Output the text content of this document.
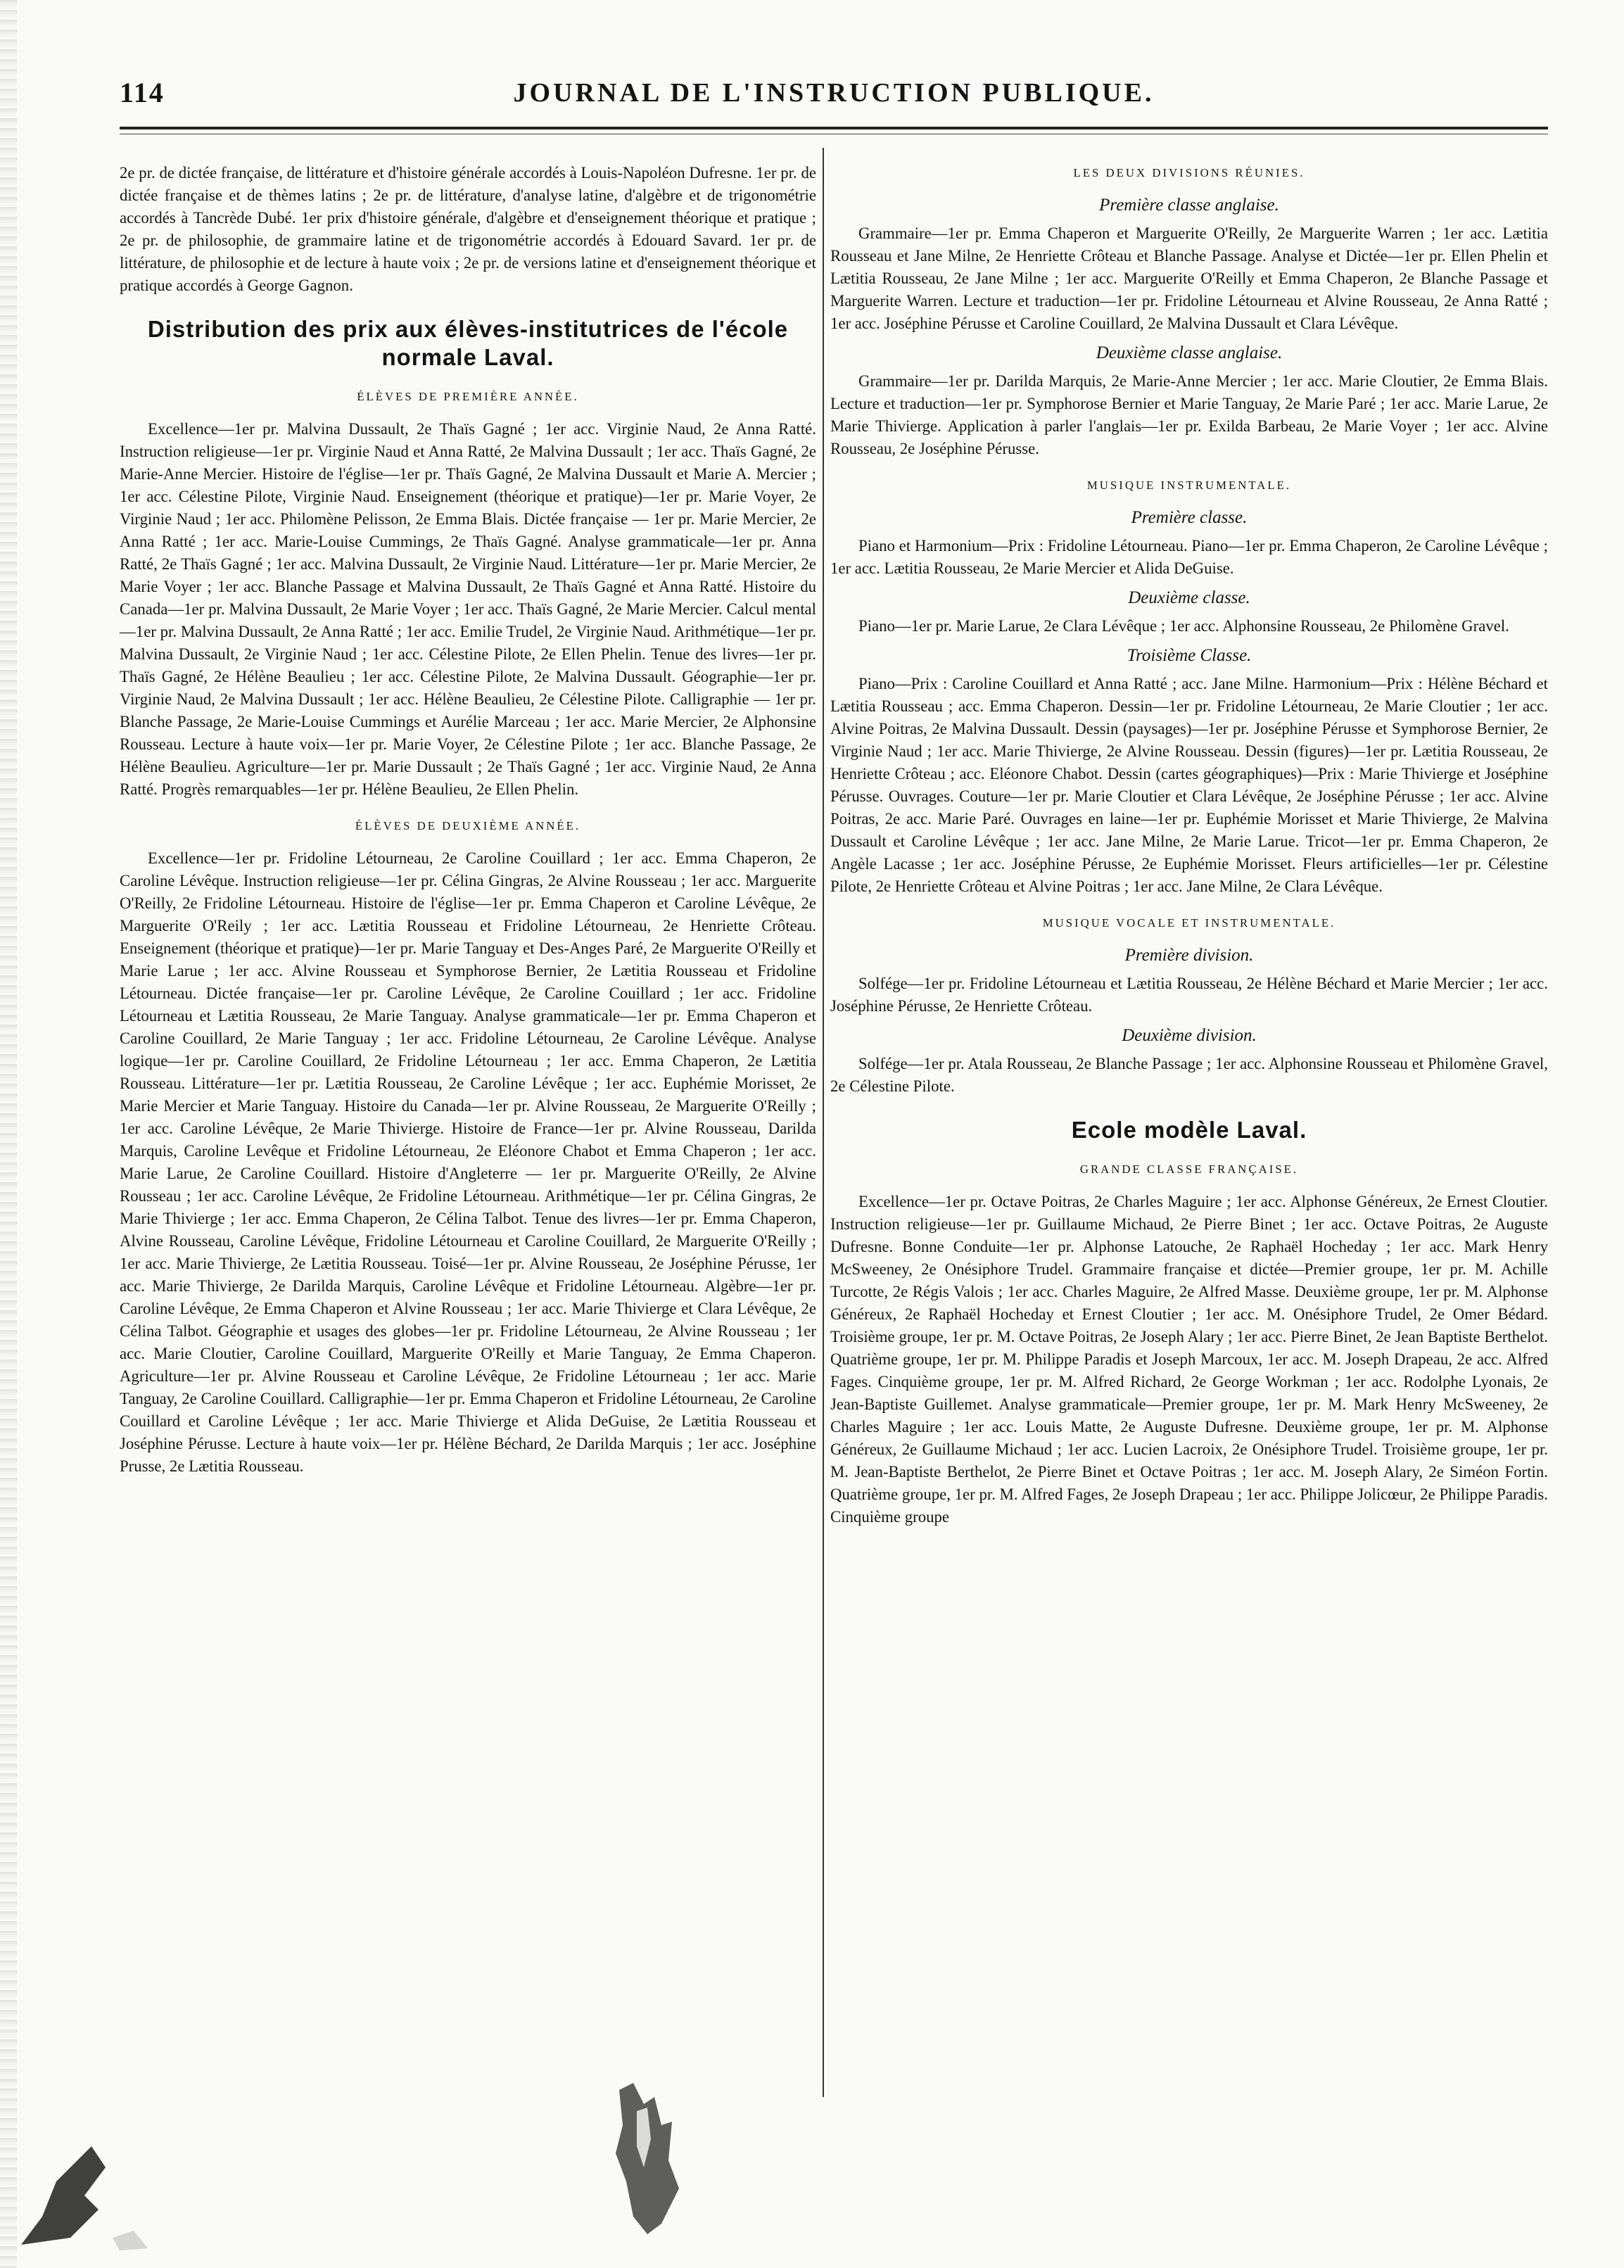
114	JOURNAL DE L'INSTRUCTION PUBLIQUE.

2e pr. de dictée française, de littérature et d'histoire générale accordés à Louis-Napoléon Dufresne. 1er pr. de dictée française et de thèmes latins ; 2e pr. de littérature, d'analyse latine, d'algèbre et de trigonométrie accordés à Tancrède Dubé. 1er prix d'histoire générale, d'algèbre et d'enseignement théorique et pratique ; 2e pr. de philosophie, de grammaire latine et de trigonométrie accordés à Edouard Savard. 1er pr. de littérature, de philosophie et de lecture à haute voix ; 2e pr. de versions latine et d'enseignement théorique et pratique accordés à George Gagnon.

Distribution des prix aux élèves-institutrices de l'école normale Laval.
ÉLÈVES DE PREMIÈRE ANNÉE.

Excellence—1er pr. Malvina Dussault, 2e Thaïs Gagné ; 1er acc. Virginie Naud, 2e Anna Ratté. Instruction religieuse—1er pr. Virginie Naud et Anna Ratté, 2e Malvina Dussault ; 1er acc. Thaïs Gagné, 2e Marie-Anne Mercier. Histoire de l'église—1er pr. Thaïs Gagné, 2e Malvina Dussault et Marie A. Mercier ; 1er acc. Célestine Pilote, Virginie Naud. Enseignement (théorique et pratique)—1er pr. Marie Voyer, 2e Virginie Naud ; 1er acc. Philomène Pelisson, 2e Emma Blais. Dictée française — 1er pr. Marie Mercier, 2e Anna Ratté ; 1er acc. Marie-Louise Cummings, 2e Thaïs Gagné. Analyse grammaticale—1er pr. Anna Ratté, 2e Thaïs Gagné ; 1er acc. Malvina Dussault, 2e Virginie Naud. Littérature—1er pr. Marie Mercier, 2e Marie Voyer ; 1er acc. Blanche Passage et Malvina Dussault, 2e Thaïs Gagné et Anna Ratté. Histoire du Canada—1er pr. Malvina Dussault, 2e Marie Voyer ; 1er acc. Thaïs Gagné, 2e Marie Mercier. Calcul mental—1er pr. Malvina Dussault, 2e Anna Ratté ; 1er acc. Emilie Trudel, 2e Virginie Naud. Arithmétique—1er pr. Malvina Dussault, 2e Virginie Naud ; 1er acc. Célestine Pilote, 2e Ellen Phelin. Tenue des livres—1er pr. Thaïs Gagné, 2e Hélène Beaulieu ; 1er acc. Célestine Pilote, 2e Malvina Dussault. Géographie—1er pr. Virginie Naud, 2e Malvina Dussault ; 1er acc. Hélène Beaulieu, 2e Célestine Pilote. Calligraphie — 1er pr. Blanche Passage, 2e Marie-Louise Cummings et Aurélie Marceau ; 1er acc. Marie Mercier, 2e Alphonsine Rousseau. Lecture à haute voix—1er pr. Marie Voyer, 2e Célestine Pilote ; 1er acc. Blanche Passage, 2e Hélène Beaulieu. Agriculture—1er pr. Marie Dussault ; 2e Thaïs Gagné ; 1er acc. Virginie Naud, 2e Anna Ratté. Progrès remarquables—1er pr. Hélène Beaulieu, 2e Ellen Phelin.

ÉLÈVES DE DEUXIÈME ANNÉE.

Excellence—1er pr. Fridoline Létourneau, 2e Caroline Couillard ; 1er acc. Emma Chaperon, 2e Caroline Lévêque. Instruction religieuse—1er pr. Célina Gingras, 2e Alvine Rousseau ; 1er acc. Marguerite O'Reilly, 2e Fridoline Létourneau. Histoire de l'église—1er pr. Emma Chaperon et Caroline Lévêque, 2e Marguerite O'Reily ; 1er acc. Lætitia Rousseau et Fridoline Létourneau, 2e Henriette Crôteau. Enseignement (théorique et pratique)—1er pr. Marie Tanguay et Des-Anges Paré, 2e Marguerite O'Reilly et Marie Larue ; 1er acc. Alvine Rousseau et Symphorose Bernier, 2e Lætitia Rousseau et Fridoline Létourneau. Dictée française—1er pr. Caroline Lévêque, 2e Caroline Couillard ; 1er acc. Fridoline Létourneau et Lætitia Rousseau, 2e Marie Tanguay. Analyse grammaticale—1er pr. Emma Chaperon et Caroline Couillard, 2e Marie Tanguay ; 1er acc. Fridoline Létourneau, 2e Caroline Lévêque. Analyse logique—1er pr. Caroline Couillard, 2e Fridoline Létourneau ; 1er acc. Emma Chaperon, 2e Lætitia Rousseau. Littérature—1er pr. Lætitia Rousseau, 2e Caroline Lévêque ; 1er acc. Euphémie Morisset, 2e Marie Mercier et Marie Tanguay. Histoire du Canada—1er pr. Alvine Rousseau, 2e Marguerite O'Reilly ; 1er acc. Caroline Lévêque, 2e Marie Thivierge. Histoire de France—1er pr. Alvine Rousseau, Darilda Marquis, Caroline Levêque et Fridoline Létourneau, 2e Eléonore Chabot et Emma Chaperon ; 1er acc. Marie Larue, 2e Caroline Couillard. Histoire d'Angleterre — 1er pr. Marguerite O'Reilly, 2e Alvine Rousseau ; 1er acc. Caroline Lévêque, 2e Fridoline Létourneau. Arithmétique—1er pr. Célina Gingras, 2e Marie Thivierge ; 1er acc. Emma Chaperon, 2e Célina Talbot. Tenue des livres—1er pr. Emma Chaperon, Alvine Rousseau, Caroline Lévêque, Fridoline Létourneau et Caroline Couillard, 2e Marguerite O'Reilly ; 1er acc. Marie Thivierge, 2e Lætitia Rousseau. Toisé—1er pr. Alvine Rousseau, 2e Joséphine Pérusse, 1er acc. Marie Thivierge, 2e Darilda Marquis, Caroline Lévêque et Fridoline Létourneau. Algèbre—1er pr. Caroline Lévêque, 2e Emma Chaperon et Alvine Rousseau ; 1er acc. Marie Thivierge et Clara Lévêque, 2e Célina Talbot. Géographie et usages des globes—1er pr. Fridoline Létourneau, 2e Alvine Rousseau ; 1er acc. Marie Cloutier, Caroline Couillard, Marguerite O'Reilly et Marie Tanguay, 2e Emma Chaperon. Agriculture—1er pr. Alvine Rousseau et Caroline Lévêque, 2e Fridoline Létourneau ; 1er acc. Marie Tanguay, 2e Caroline Couillard. Calligraphie—1er pr. Emma Chaperon et Fridoline Létourneau, 2e Caroline Couillard et Caroline Lévêque ; 1er acc. Marie Thivierge et Alida DeGuise, 2e Lætitia Rousseau et Joséphine Pérusse. Lecture à haute voix—1er pr. Hélène Béchard, 2e Darilda Marquis ; 1er acc. Joséphine Prusse, 2e Lætitia Rousseau.

LES DEUX DIVISIONS RÉUNIES.
Première classe anglaise.

Grammaire—1er pr. Emma Chaperon et Marguerite O'Reilly, 2e Marguerite Warren ; 1er acc. Lætitia Rousseau et Jane Milne, 2e Henriette Crôteau et Blanche Passage. Analyse et Dictée—1er pr. Ellen Phelin et Lætitia Rousseau, 2e Jane Milne ; 1er acc. Marguerite O'Reilly et Emma Chaperon, 2e Blanche Passage et Marguerite Warren. Lecture et traduction—1er pr. Fridoline Létourneau et Alvine Rousseau, 2e Anna Ratté ; 1er acc. Joséphine Pérusse et Caroline Couillard, 2e Malvina Dussault et Clara Lévêque.

Deuxième classe anglaise.

Grammaire—1er pr. Darilda Marquis, 2e Marie-Anne Mercier ; 1er acc. Marie Cloutier, 2e Emma Blais. Lecture et traduction—1er pr. Symphorose Bernier et Marie Tanguay, 2e Marie Paré ; 1er acc. Marie Larue, 2e Marie Thivierge. Application à parler l'anglais—1er pr. Exilda Barbeau, 2e Marie Voyer ; 1er acc. Alvine Rousseau, 2e Joséphine Pérusse.

MUSIQUE INSTRUMENTALE.
Première classe.

Piano et Harmonium—Prix : Fridoline Létourneau. Piano—1er pr. Emma Chaperon, 2e Caroline Lévêque ; 1er acc. Lætitia Rousseau, 2e Marie Mercier et Alida DeGuise.

Deuxième classe.

Piano—1er pr. Marie Larue, 2e Clara Lévêque ; 1er acc. Alphonsine Rousseau, 2e Philomène Gravel.

Troisième Classe.

Piano—Prix : Caroline Couillard et Anna Ratté ; acc. Jane Milne. Harmonium—Prix : Hélène Béchard et Lætitia Rousseau ; acc. Emma Chaperon. Dessin—1er pr. Fridoline Létourneau, 2e Marie Cloutier ; 1er acc. Alvine Poitras, 2e Malvina Dussault. Dessin (paysages)—1er pr. Joséphine Pérusse et Symphorose Bernier, 2e Virginie Naud ; 1er acc. Marie Thivierge, 2e Alvine Rousseau. Dessin (figures)—1er pr. Lætitia Rousseau, 2e Henriette Crôteau ; acc. Eléonore Chabot. Dessin (cartes géographiques)—Prix : Marie Thivierge et Joséphine Pérusse. Ouvrages. Couture—1er pr. Marie Cloutier et Clara Lévêque, 2e Joséphine Pérusse ; 1er acc. Alvine Poitras, 2e acc. Marie Paré. Ouvrages en laine—1er pr. Euphémie Morisset et Marie Thivierge, 2e Malvina Dussault et Caroline Lévêque ; 1er acc. Jane Milne, 2e Marie Larue. Tricot—1er pr. Emma Chaperon, 2e Angèle Lacasse ; 1er acc. Joséphine Pérusse, 2e Euphémie Morisset. Fleurs artificielles—1er pr. Célestine Pilote, 2e Henriette Crôteau et Alvine Poitras ; 1er acc. Jane Milne, 2e Clara Lévêque.

MUSIQUE VOCALE ET INSTRUMENTALE.
Première division.

Solfége—1er pr. Fridoline Létourneau et Lætitia Rousseau, 2e Hélène Béchard et Marie Mercier ; 1er acc. Joséphine Pérusse, 2e Henriette Crôteau.

Deuxième division.

Solfége—1er pr. Atala Rousseau, 2e Blanche Passage ; 1er acc. Alphonsine Rousseau et Philomène Gravel, 2e Célestine Pilote.

Ecole modèle Laval.
GRANDE CLASSE FRANÇAISE.

Excellence—1er pr. Octave Poitras, 2e Charles Maguire ; 1er acc. Alphonse Généreux, 2e Ernest Cloutier. Instruction religieuse—1er pr. Guillaume Michaud, 2e Pierre Binet ; 1er acc. Octave Poitras, 2e Auguste Dufresne. Bonne Conduite—1er pr. Alphonse Latouche, 2e Raphaël Hocheday ; 1er acc. Mark Henry McSweeney, 2e Onésiphore Trudel. Grammaire française et dictée—Premier groupe, 1er pr. M. Achille Turcotte, 2e Régis Valois ; 1er acc. Charles Maguire, 2e Alfred Masse. Deuxième groupe, 1er pr. M. Alphonse Généreux, 2e Raphaël Hocheday et Ernest Cloutier ; 1er acc. M. Onésiphore Trudel, 2e Omer Bédard. Troisième groupe, 1er pr. M. Octave Poitras, 2e Joseph Alary ; 1er acc. Pierre Binet, 2e Jean Baptiste Berthelot. Quatrième groupe, 1er pr. M. Philippe Paradis et Joseph Marcoux, 1er acc. M. Joseph Drapeau, 2e acc. Alfred Fages. Cinquième groupe, 1er pr. M. Alfred Richard, 2e George Workman ; 1er acc. Rodolphe Lyonais, 2e Jean-Baptiste Guillemet. Analyse grammaticale—Premier groupe, 1er pr. M. Mark Henry McSweeney, 2e Charles Maguire ; 1er acc. Louis Matte, 2e Auguste Dufresne. Deuxième groupe, 1er pr. M. Alphonse Généreux, 2e Guillaume Michaud ; 1er acc. Lucien Lacroix, 2e Onésiphore Trudel. Troisième groupe, 1er pr. M. Jean-Baptiste Berthelot, 2e Pierre Binet et Octave Poitras ; 1er acc. M. Joseph Alary, 2e Siméon Fortin. Quatrième groupe, 1er pr. M. Alfred Fages, 2e Joseph Drapeau ; 1er acc. Philippe Jolicœur, 2e Philippe Paradis. Cinquième groupe
